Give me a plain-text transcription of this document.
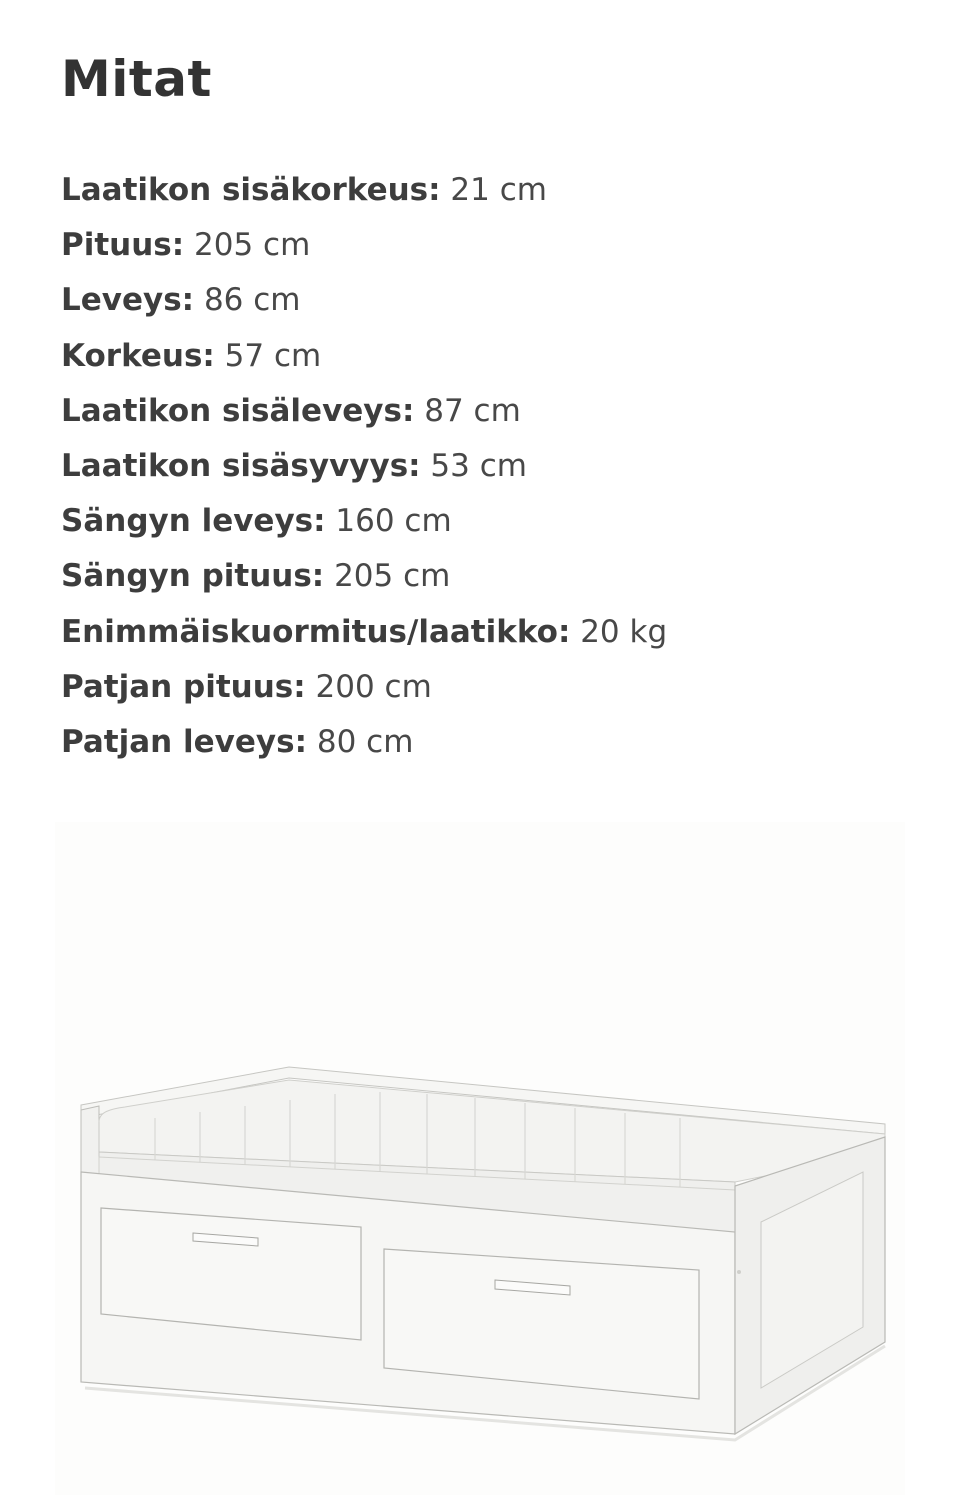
Mitat
Laatikon sisäkorkeus: 21 cm
Pituus: 205 cm
Leveys: 86 cm
Korkeus: 57 cm
Laatikon sisäleveys: 87 cm
Laatikon sisäsyvyys: 53 cm
Sängyn leveys: 160 cm
Sängyn pituus: 205 cm
Enimmäiskuormitus/laatikko: 20 kg
Patjan pituus: 200 cm
Patjan leveys: 80 cm
